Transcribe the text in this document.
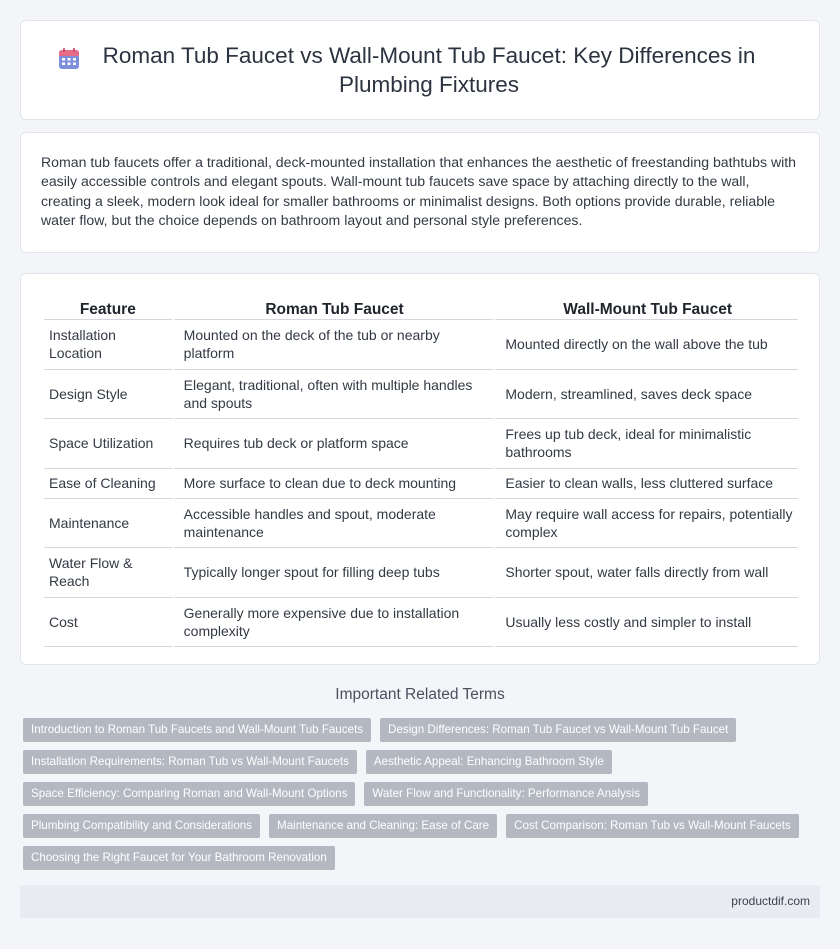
Roman Tub Faucet vs Wall-Mount Tub Faucet: Key Differences in Plumbing Fixtures

Roman tub faucets offer a traditional, deck-mounted installation that enhances the aesthetic of freestanding bathtubs with easily accessible controls and elegant spouts. Wall-mount tub faucets save space by attaching directly to the wall, creating a sleek, modern look ideal for smaller bathrooms or minimalist designs. Both options provide durable, reliable water flow, but the choice depends on bathroom layout and personal style preferences.

Feature	Roman Tub Faucet	Wall-Mount Tub Faucet
Installation Location	Mounted on the deck of the tub or nearby platform	Mounted directly on the wall above the tub
Design Style	Elegant, traditional, often with multiple handles and spouts	Modern, streamlined, saves deck space
Space Utilization	Requires tub deck or platform space	Frees up tub deck, ideal for minimalistic bathrooms
Ease of Cleaning	More surface to clean due to deck mounting	Easier to clean walls, less cluttered surface
Maintenance	Accessible handles and spout, moderate maintenance	May require wall access for repairs, potentially complex
Water Flow & Reach	Typically longer spout for filling deep tubs	Shorter spout, water falls directly from wall
Cost	Generally more expensive due to installation complexity	Usually less costly and simpler to install
Important Related Terms
Introduction to Roman Tub Faucets and Wall-Mount Tub Faucets	Design Differences: Roman Tub Faucet vs Wall-Mount Tub Faucet
Installation Requirements: Roman Tub vs Wall-Mount Faucets	Aesthetic Appeal: Enhancing Bathroom Style
Space Efficiency: Comparing Roman and Wall-Mount Options	Water Flow and Functionality: Performance Analysis
Plumbing Compatibility and Considerations	Maintenance and Cleaning: Ease of Care	Cost Comparison: Roman Tub vs Wall-Mount Faucets
Choosing the Right Faucet for Your Bathroom Renovation
productdif.com
